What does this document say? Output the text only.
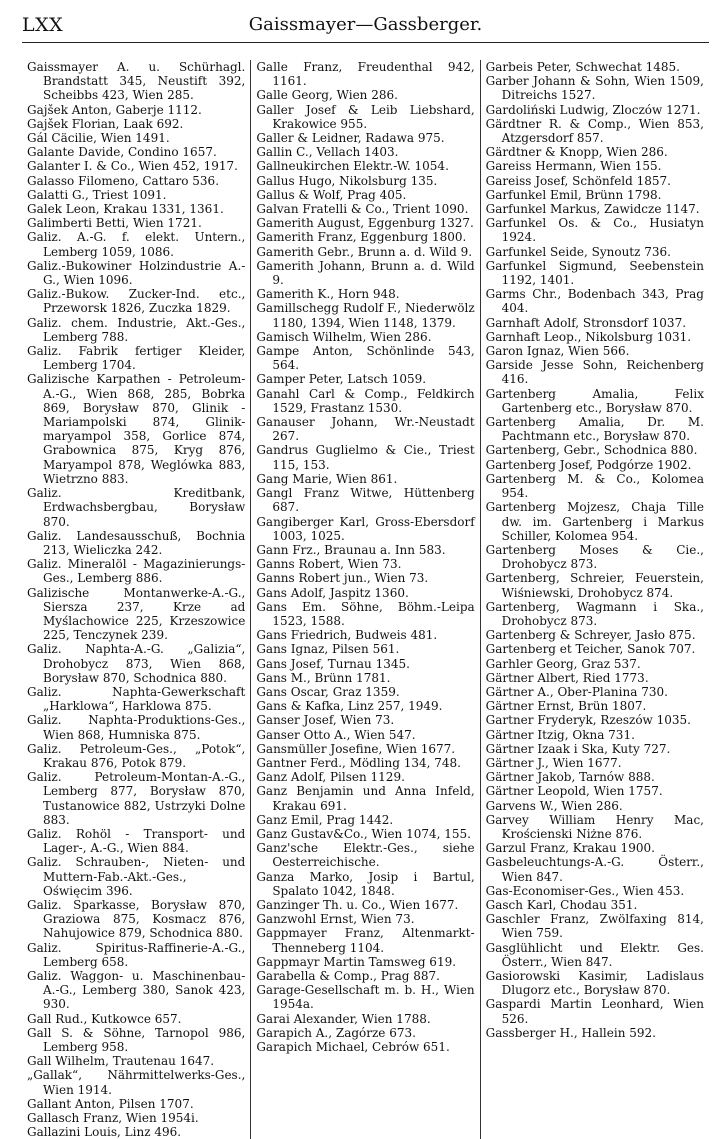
LXX	Gaissmayer—Gassberger.

Gaissmayer A. u. Schürhagl. Brandstatt 345, Neustift 392, Scheibbs 423, Wien 285.

Gajšek Anton, Gaberje 1112.

Gajšek Florian, Laak 692.

Gál Cäcilie, Wien 1491.

Galante Davide, Condino 1657.

Galanter I. & Co., Wien 452, 1917.

Galasso Filomeno, Cattaro 536.

Galatti G., Triest 1091.

Galek Leon, Krakau 1331, 1361.

Galimberti Betti, Wien 1721.

Galiz. A.-G. f. elekt. Untern., Lemberg 1059, 1086.

Galiz.-Bukowiner Holzindustrie A.-G., Wien 1096.

Galiz.-Bukow. Zucker-Ind. etc., Przeworsk 1826, Zuczka 1829.

Galiz. chem. Industrie, Akt.-Ges., Lemberg 788.

Galiz. Fabrik fertiger Kleider, Lemberg 1704.

Galizische Karpathen - Petroleum-A.-G., Wien 868, 285, Bobrka 869, Borysław 870, Glinik - Mariampolski 874, Glinik-maryampol 358, Gorlice 874, Grabownica 875, Kryg 876, Maryampol 878, Weglówka 883, Wietrzno 883.

Galiz. Kreditbank, Erdwachsbergbau, Borysław 870.

Galiz. Landesausschuß, Bochnia 213, Wieliczka 242.

Galiz. Mineralöl - Magazinierungs-Ges., Lemberg 886.

Galizische Montanwerke-A.-G., Siersza 237, Krze ad Myślachowice 225, Krzeszowice 225, Tenczynek 239.

Galiz. Naphta-A.-G. „Galizia“, Drohobycz 873, Wien 868, Borysław 870, Schodnica 880.

Galiz. Naphta-Gewerkschaft „Harklowa“, Harklowa 875.

Galiz. Naphta-Produktions-Ges., Wien 868, Humniska 875.

Galiz. Petroleum-Ges., „Potok“, Krakau 876, Potok 879.

Galiz. Petroleum-Montan-A.-G., Lemberg 877, Borysław 870, Tustanowice 882, Ustrzyki Dolne 883.

Galiz. Rohöl - Transport- und Lager-, A.-G., Wien 884.

Galiz. Schrauben-, Nieten- und Muttern-Fab.-Akt.-Ges., Oświęcim 396.

Galiz. Sparkasse, Borysław 870, Graziowa 875, Kosmacz 876, Nahujowice 879, Schodnica 880.

Galiz. Spiritus-Raffinerie-A.-G., Lemberg 658.

Galiz. Waggon- u. Maschinenbau-A.-G., Lemberg 380, Sanok 423, 930.

Gall Rud., Kutkowce 657.

Gall S. & Söhne, Tarnopol 986, Lemberg 958.

Gall Wilhelm, Trautenau 1647.

„Gallak“, Nährmittelwerks-Ges., Wien 1914.

Gallant Anton, Pilsen 1707.

Gallasch Franz, Wien 1954i.

Gallazini Louis, Linz 496.

Galle Franz, Freudenthal 942, 1161.

Galle Georg, Wien 286.

Galler Josef & Leib Liebshard, Krakowice 955.

Galler & Leidner, Radawa 975.

Gallin C., Vellach 1403.

Gallneukirchen Elektr.-W. 1054.

Gallus Hugo, Nikolsburg 135.

Gallus & Wolf, Prag 405.

Galvan Fratelli & Co., Trient 1090.

Gamerith August, Eggenburg 1327.

Gamerith Franz, Eggenburg 1800.

Gamerith Gebr., Brunn a. d. Wild 9.

Gamerith Johann, Brunn a. d. Wild 9.

Gamerith K., Horn 948.

Gamillschegg Rudolf F., Niederwölz 1180, 1394, Wien 1148, 1379.

Gamisch Wilhelm, Wien 286.

Gampe Anton, Schönlinde 543, 564.

Gamper Peter, Latsch 1059.

Ganahl Carl & Comp., Feldkirch 1529, Frastanz 1530.

Ganauser Johann, Wr.-Neustadt 267.

Gandrus Guglielmo & Cie., Triest 115, 153.

Gang Marie, Wien 861.

Gangl Franz Witwe, Hüttenberg 687.

Gangiberger Karl, Gross-Ebersdorf 1003, 1025.

Gann Frz., Braunau a. Inn 583.

Ganns Robert, Wien 73.

Ganns Robert jun., Wien 73.

Gans Adolf, Jaspitz 1360.

Gans Em. Söhne, Böhm.-Leipa 1523, 1588.

Gans Friedrich, Budweis 481.

Gans Ignaz, Pilsen 561.

Gans Josef, Turnau 1345.

Gans M., Brünn 1781.

Gans Oscar, Graz 1359.

Gans & Kafka, Linz 257, 1949.

Ganser Josef, Wien 73.

Ganser Otto A., Wien 547.

Gansmüller Josefine, Wien 1677.

Gantner Ferd., Mödling 134, 748.

Ganz Adolf, Pilsen 1129.

Ganz Benjamin und Anna Infeld, Krakau 691.

Ganz Emil, Prag 1442.

Ganz Gustav&Co., Wien 1074, 155.

Ganz'sche Elektr.-Ges., siehe Oesterreichische.

Ganza Marko, Josip i Bartul, Spalato 1042, 1848.

Ganzinger Th. u. Co., Wien 1677.

Ganzwohl Ernst, Wien 73.

Gappmayer Franz, Altenmarkt-Thenneberg 1104.

Gappmayr Martin Tamsweg 619.

Garabella & Comp., Prag 887.

Garage-Gesellschaft m. b. H., Wien 1954a.

Garai Alexander, Wien 1788.

Garapich A., Zagórze 673.

Garapich Michael, Cebrów 651.

Garbeis Peter, Schwechat 1485.

Garber Johann & Sohn, Wien 1509, Ditreichs 1527.

Gardoliński Ludwig, Zloczów 1271.

Gärdtner R. & Comp., Wien 853, Atzgersdorf 857.

Gärdtner & Knopp, Wien 286.

Gareiss Hermann, Wien 155.

Gareiss Josef, Schönfeld 1857.

Garfunkel Emil, Brünn 1798.

Garfunkel Markus, Zawidcze 1147.

Garfunkel Os. & Co., Husiatyn 1924.

Garfunkel Seide, Synoutz 736.

Garfunkel Sigmund, Seebenstein 1192, 1401.

Garms Chr., Bodenbach 343, Prag 404.

Garnhaft Adolf, Stronsdorf 1037.

Garnhaft Leop., Nikolsburg 1031.

Garon Ignaz, Wien 566.

Garside Jesse Sohn, Reichenberg 416.

Gartenberg Amalia, Felix Gartenberg etc., Borysław 870.

Gartenberg Amalia, Dr. M. Pachtmann etc., Borysław 870.

Gartenberg, Gebr., Schodnica 880.

Gartenberg Josef, Podgórze 1902.

Gartenberg M. & Co., Kolomea 954.

Gartenberg Mojzesz, Chaja Tille dw. im. Gartenberg i Markus Schiller, Kolomea 954.

Gartenberg Moses & Cie., Drohobycz 873.

Gartenberg, Schreier, Feuerstein, Wiśniewski, Drohobycz 874.

Gartenberg, Wagmann i Ska., Drohobycz 873.

Gartenberg & Schreyer, Jasło 875.

Gartenberg et Teicher, Sanok 707.

Garhler Georg, Graz 537.

Gärtner Albert, Ried 1773.

Gärtner A., Ober-Planina 730.

Gärtner Ernst, Brün 1807.

Gartner Fryderyk, Rzeszów 1035.

Gärtner Itzig, Okna 731.

Gärtner Izaak i Ska, Kuty 727.

Gärtner J., Wien 1677.

Gärtner Jakob, Tarnów 888.

Gärtner Leopold, Wien 1757.

Garvens W., Wien 286.

Garvey William Henry Mac, Krościenski Niżne 876.

Garzul Franz, Krakau 1900.

Gasbeleuchtungs-A.-G. Österr., Wien 847.

Gas-Economiser-Ges., Wien 453.

Gasch Karl, Chodau 351.

Gaschler Franz, Zwölfaxing 814, Wien 759.

Gasglühlicht und Elektr. Ges. Österr., Wien 847.

Gasiorowski Kasimir, Ladislaus Dlugorz etc., Borysław 870.

Gaspardi Martin Leonhard, Wien 526.

Gassberger H., Hallein 592.
